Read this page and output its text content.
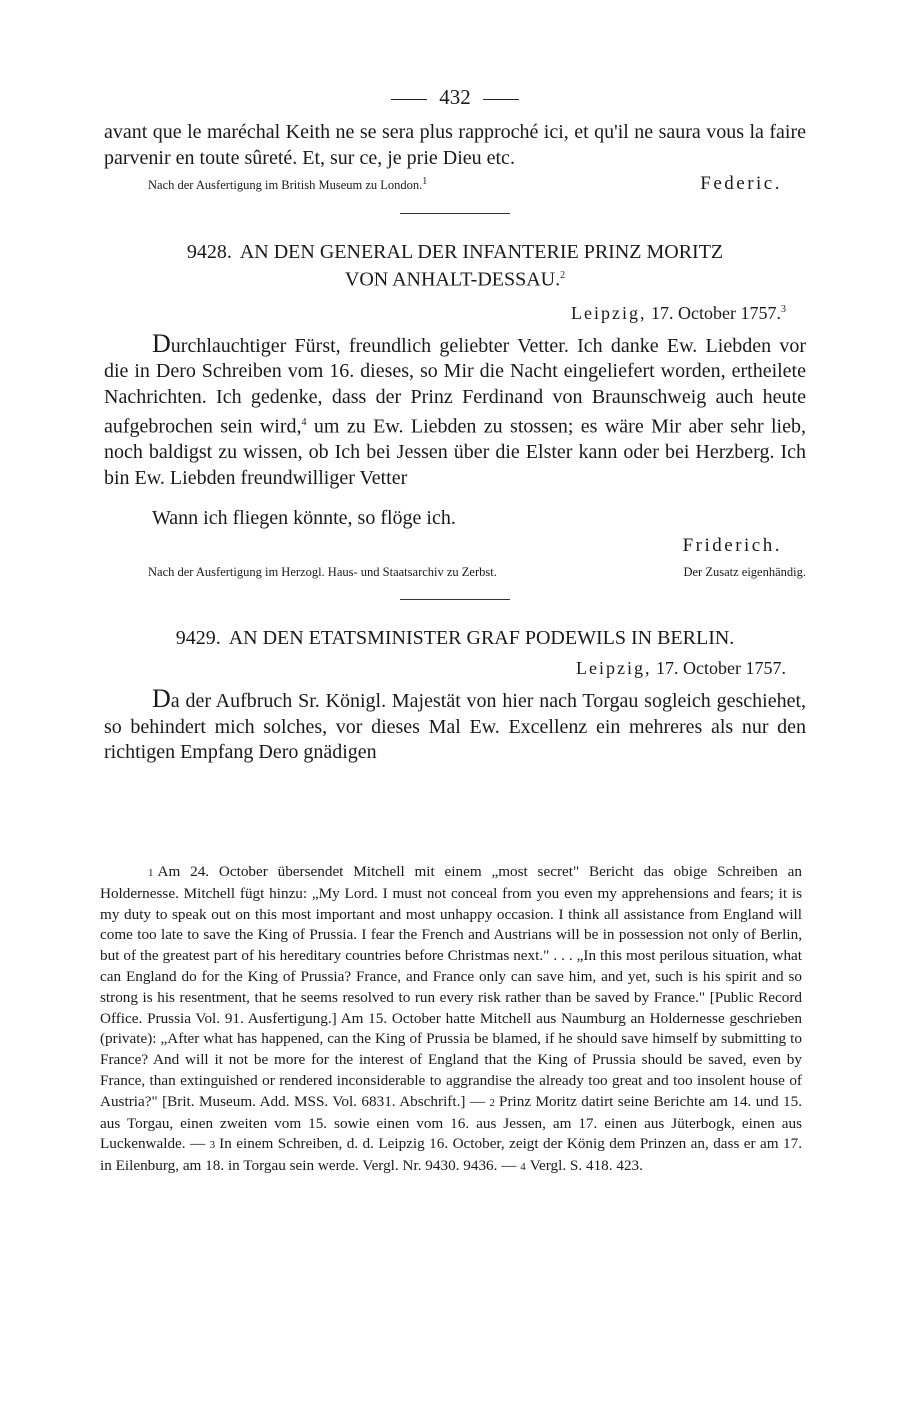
432

avant que le maréchal Keith ne se sera plus rapproché ici, et qu'il ne saura vous la faire parvenir en toute sûreté. Et, sur ce, je prie Dieu etc.

Nach der Ausfertigung im British Museum zu London.$^1$	Federic.

9428. AN DEN GENERAL DER INFANTERIE PRINZ MORITZ
VON ANHALT-DESSAU.$^2$

Leipzig, 17. October 1757.$^3$

Durchlauchtiger Fürst, freundlich geliebter Vetter. Ich danke Ew. Liebden vor die in Dero Schreiben vom 16. dieses, so Mir die Nacht eingeliefert worden, ertheilete Nachrichten. Ich gedenke, dass der Prinz Ferdinand von Braunschweig auch heute aufgebrochen sein wird,$^4$ um zu Ew. Liebden zu stossen; es wäre Mir aber sehr lieb, noch baldigst zu wissen, ob Ich bei Jessen über die Elster kann oder bei Herzberg. Ich bin Ew. Liebden freundwilliger Vetter

Wann ich fliegen könnte, so flöge ich.

Friderich.

Nach der Ausfertigung im Herzogl. Haus- und Staatsarchiv zu Zerbst.	Der Zusatz eigenhändig.

9429. AN DEN ETATSMINISTER GRAF PODEWILS IN BERLIN.

Leipzig, 17. October 1757.

Da der Aufbruch Sr. Königl. Majestät von hier nach Torgau sogleich geschiehet, so behindert mich solches, vor dieses Mal Ew. Excellenz ein mehreres als nur den richtigen Empfang Dero gnädigen

1 Am 24. October übersendet Mitchell mit einem „most secret" Bericht das obige Schreiben an Holdernesse. Mitchell fügt hinzu: „My Lord. I must not conceal from you even my apprehensions and fears; it is my duty to speak out on this most important and most unhappy occasion. I think all assistance from England will come too late to save the King of Prussia. I fear the French and Austrians will be in possession not only of Berlin, but of the greatest part of his hereditary countries before Christmas next." . . . „In this most perilous situation, what can England do for the King of Prussia? France, and France only can save him, and yet, such is his spirit and so strong is his resentment, that he seems resolved to run every risk rather than be saved by France." [Public Record Office. Prussia Vol. 91. Ausfertigung.] Am 15. October hatte Mitchell aus Naumburg an Holdernesse geschrieben (private): „After what has happened, can the King of Prussia be blamed, if he should save himself by submitting to France? And will it not be more for the interest of England that the King of Prussia should be saved, even by France, than extinguished or rendered inconsiderable to aggrandise the already too great and too insolent house of Austria?" [Brit. Museum. Add. MSS. Vol. 6831. Abschrift.] — 2 Prinz Moritz datirt seine Berichte am 14. und 15. aus Torgau, einen zweiten vom 15. sowie einen vom 16. aus Jessen, am 17. einen aus Jüterbogk, einen aus Luckenwalde. — 3 In einem Schreiben, d. d. Leipzig 16. October, zeigt der König dem Prinzen an, dass er am 17. in Eilenburg, am 18. in Torgau sein werde. Vergl. Nr. 9430. 9436. — 4 Vergl. S. 418. 423.
